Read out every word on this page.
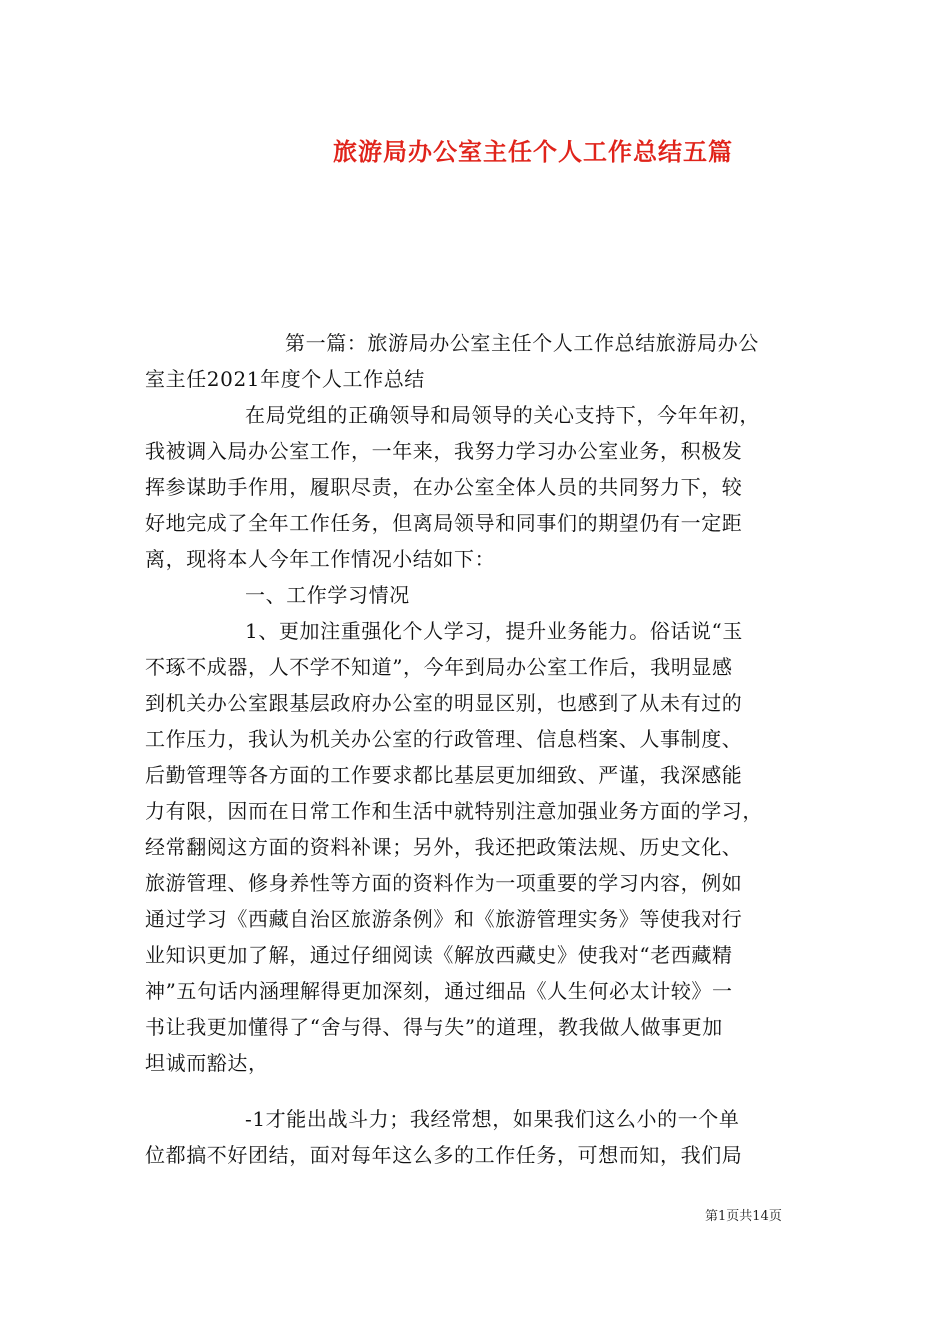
旅游局办公室主任个人工作总结五篇
第一篇：旅游局办公室主任个人工作总结旅游局办公
室主任2021年度个人工作总结
在局党组的正确领导和局领导的关心支持下，今年年初，
我被调入局办公室工作，一年来，我努力学习办公室业务，积极发
挥参谋助手作用，履职尽责，在办公室全体人员的共同努力下，较
好地完成了全年工作任务，但离局领导和同事们的期望仍有一定距
离，现将本人今年工作情况小结如下：
一、工作学习情况
1、更加注重强化个人学习，提升业务能力。俗话说“玉
不琢不成器，人不学不知道”，今年到局办公室工作后，我明显感
到机关办公室跟基层政府办公室的明显区别，也感到了从未有过的
工作压力，我认为机关办公室的行政管理、信息档案、人事制度、
后勤管理等各方面的工作要求都比基层更加细致、严谨，我深感能
力有限，因而在日常工作和生活中就特别注意加强业务方面的学习，
经常翻阅这方面的资料补课；另外，我还把政策法规、历史文化、
旅游管理、修身养性等方面的资料作为一项重要的学习内容，例如
通过学习《西藏自治区旅游条例》和《旅游管理实务》等使我对行
业知识更加了解，通过仔细阅读《解放西藏史》使我对“老西藏精
神”五句话内涵理解得更加深刻，通过细品《人生何必太计较》一
书让我更加懂得了“舍与得、得与失”的道理，教我做人做事更加
坦诚而豁达，
-1才能出战斗力；我经常想，如果我们这么小的一个单
位都搞不好团结，面对每年这么多的工作任务，可想而知，我们局
第1页共14页
